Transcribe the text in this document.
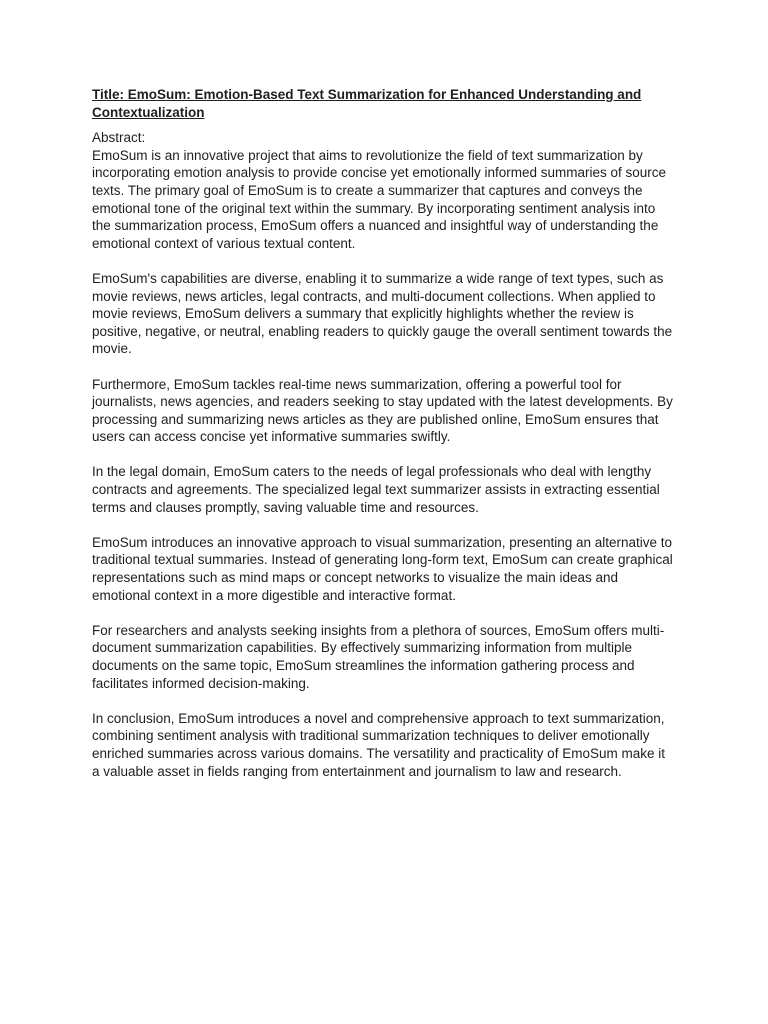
Title: EmoSum: Emotion-Based Text Summarization for Enhanced Understanding and Contextualization

Abstract:

EmoSum is an innovative project that aims to revolutionize the field of text summarization by incorporating emotion analysis to provide concise yet emotionally informed summaries of source texts. The primary goal of EmoSum is to create a summarizer that captures and conveys the emotional tone of the original text within the summary. By incorporating sentiment analysis into the summarization process, EmoSum offers a nuanced and insightful way of understanding the emotional context of various textual content.

EmoSum's capabilities are diverse, enabling it to summarize a wide range of text types, such as movie reviews, news articles, legal contracts, and multi-document collections. When applied to movie reviews, EmoSum delivers a summary that explicitly highlights whether the review is positive, negative, or neutral, enabling readers to quickly gauge the overall sentiment towards the movie.

Furthermore, EmoSum tackles real-time news summarization, offering a powerful tool for journalists, news agencies, and readers seeking to stay updated with the latest developments. By processing and summarizing news articles as they are published online, EmoSum ensures that users can access concise yet informative summaries swiftly.

In the legal domain, EmoSum caters to the needs of legal professionals who deal with lengthy contracts and agreements. The specialized legal text summarizer assists in extracting essential terms and clauses promptly, saving valuable time and resources.

EmoSum introduces an innovative approach to visual summarization, presenting an alternative to traditional textual summaries. Instead of generating long-form text, EmoSum can create graphical representations such as mind maps or concept networks to visualize the main ideas and emotional context in a more digestible and interactive format.

For researchers and analysts seeking insights from a plethora of sources, EmoSum offers multi-document summarization capabilities. By effectively summarizing information from multiple documents on the same topic, EmoSum streamlines the information gathering process and facilitates informed decision-making.

In conclusion, EmoSum introduces a novel and comprehensive approach to text summarization, combining sentiment analysis with traditional summarization techniques to deliver emotionally enriched summaries across various domains. The versatility and practicality of EmoSum make it a valuable asset in fields ranging from entertainment and journalism to law and research.
